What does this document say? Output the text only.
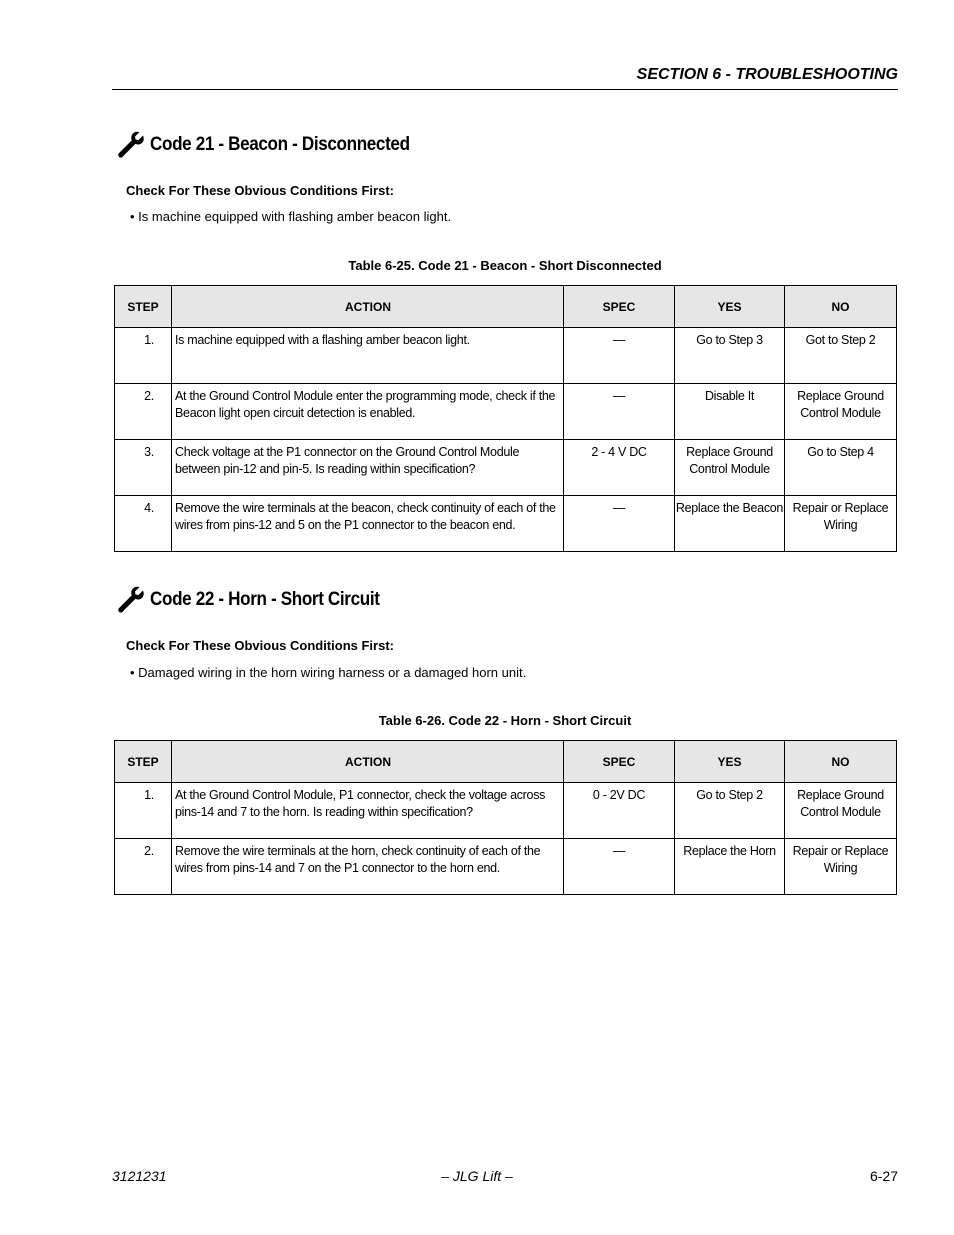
SECTION 6 - TROUBLESHOOTING
Code 21 - Beacon - Disconnected
Check For These Obvious Conditions First:
• Is machine equipped with flashing amber beacon light.
Table 6-25. Code 21 - Beacon - Short Disconnected
STEP	ACTION	SPEC	YES	NO
1.	Is machine equipped with a flashing amber beacon light.	—	Go to Step 3	Got to Step 2
2.	At the Ground Control Module enter the programming mode, check if the Beacon light open circuit detection is enabled.	—	Disable It	Replace Ground Control Module
3.	Check voltage at the P1 connector on the Ground Control Module between pin-12 and pin-5. Is reading within specification?	2 - 4 V DC	Replace Ground Control Module	Go to Step 4
4.	Remove the wire terminals at the beacon, check continuity of each of the wires from pins-12 and 5 on the P1 connector to the beacon end.	—	Replace the Beacon	Repair or Replace Wiring
Code 22 - Horn - Short Circuit
Check For These Obvious Conditions First:
• Damaged wiring in the horn wiring harness or a damaged horn unit.
Table 6-26. Code 22 - Horn - Short Circuit
STEP	ACTION	SPEC	YES	NO
1.	At the Ground Control Module, P1 connector, check the voltage across pins-14 and 7 to the horn. Is reading within specification?	0 - 2V DC	Go to Step 2	Replace Ground Control Module
2.	Remove the wire terminals at the horn, check continuity of each of the wires from pins-14 and 7 on the P1 connector to the horn end.	—	Replace the Horn	Repair or Replace Wiring
3121231	– JLG Lift –	6-27
